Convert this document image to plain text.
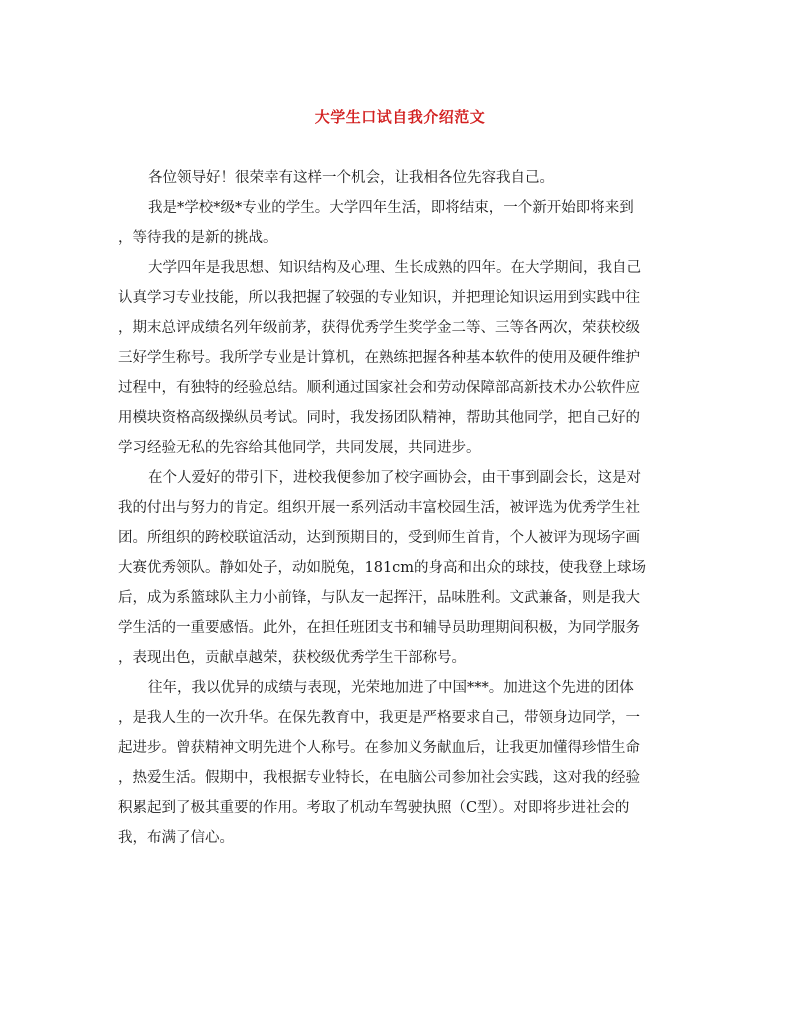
大学生口试自我介绍范文
各位领导好！很荣幸有这样一个机会，让我相各位先容我自己。
我是*学校*级*专业的学生。大学四年生活，即将结束，一个新开始即将来到
，等待我的是新的挑战。
大学四年是我思想、知识结构及心理、生长成熟的四年。在大学期间，我自己
认真学习专业技能，所以我把握了较强的专业知识，并把理论知识运用到实践中往
，期末总评成绩名列年级前茅，获得优秀学生奖学金二等、三等各两次，荣获校级
三好学生称号。我所学专业是计算机，在熟练把握各种基本软件的使用及硬件维护
过程中，有独特的经验总结。顺利通过国家社会和劳动保障部高新技术办公软件应
用模块资格高级操纵员考试。同时，我发扬团队精神，帮助其他同学，把自己好的
学习经验无私的先容给其他同学，共同发展，共同进步。
在个人爱好的带引下，进校我便参加了校字画协会，由干事到副会长，这是对
我的付出与努力的肯定。组织开展一系列活动丰富校园生活，被评选为优秀学生社
团。所组织的跨校联谊活动，达到预期目的，受到师生首肯，个人被评为现场字画
大赛优秀领队。静如处子，动如脱兔，181cm的身高和出众的球技，使我登上球场
后，成为系篮球队主力小前锋，与队友一起挥汗，品味胜利。文武兼备，则是我大
学生活的一重要感悟。此外，在担任班团支书和辅导员助理期间积极，为同学服务
，表现出色，贡献卓越荣，获校级优秀学生干部称号。
往年，我以优异的成绩与表现，光荣地加进了中国***。加进这个先进的团体
，是我人生的一次升华。在保先教育中，我更是严格要求自己，带领身边同学，一
起进步。曾获精神文明先进个人称号。在参加义务献血后，让我更加懂得珍惜生命
，热爱生活。假期中，我根据专业特长，在电脑公司参加社会实践，这对我的经验
积累起到了极其重要的作用。考取了机动车驾驶执照（C型）。对即将步进社会的
我，布满了信心。
